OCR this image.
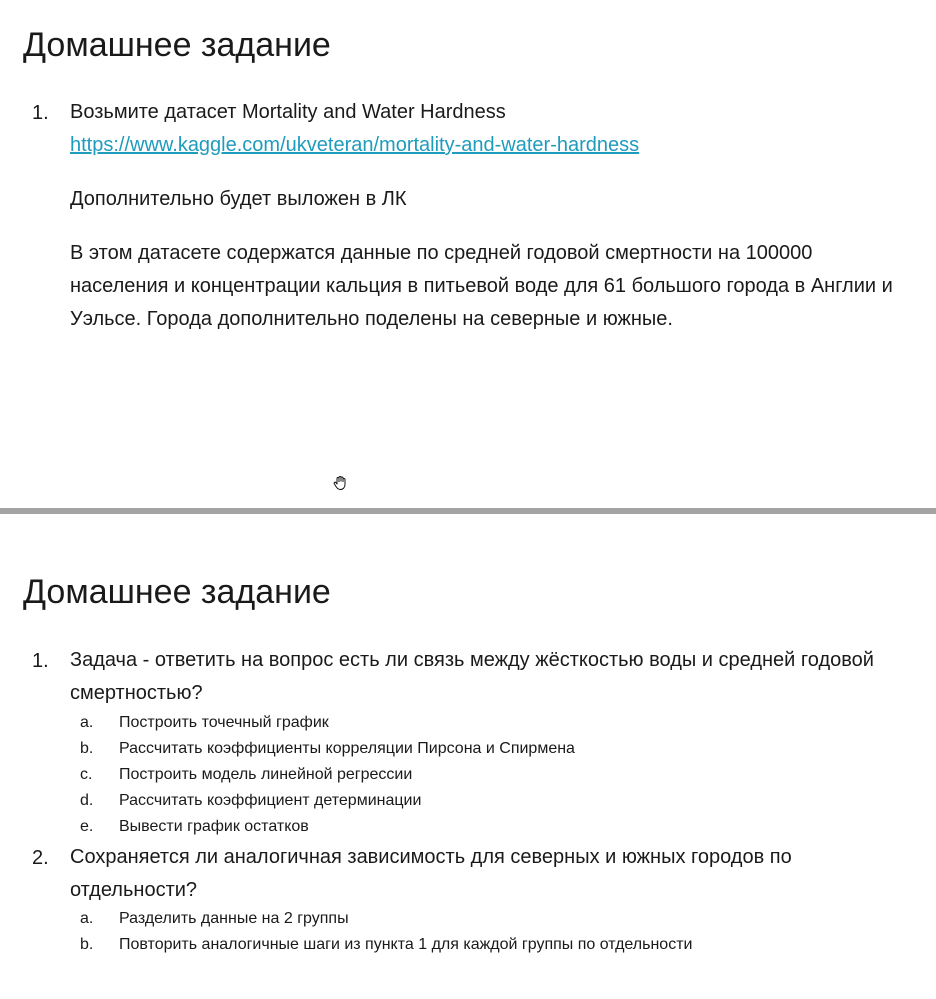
Домашнее задание
1. Возьмите датасет Mortality and Water Hardness
https://www.kaggle.com/ukveteran/mortality-and-water-hardness

Дополнительно будет выложен в ЛК

В этом датасете содержатся данные по средней годовой смертности на 100000 населения и концентрации кальция в питьевой воде для 61 большого города в Англии и Уэльсе. Города дополнительно поделены на северные и южные.

Домашнее задание
1. Задача - ответить на вопрос есть ли связь между жёсткостью воды и средней годовой смертностью?
a. Построить точечный график
b. Рассчитать коэффициенты корреляции Пирсона и Спирмена
c. Построить модель линейной регрессии
d. Рассчитать коэффициент детерминации
e. Вывести график остатков
2. Сохраняется ли аналогичная зависимость для северных и южных городов по отдельности?
a. Разделить данные на 2 группы
b. Повторить аналогичные шаги из пункта 1 для каждой группы по отдельности
